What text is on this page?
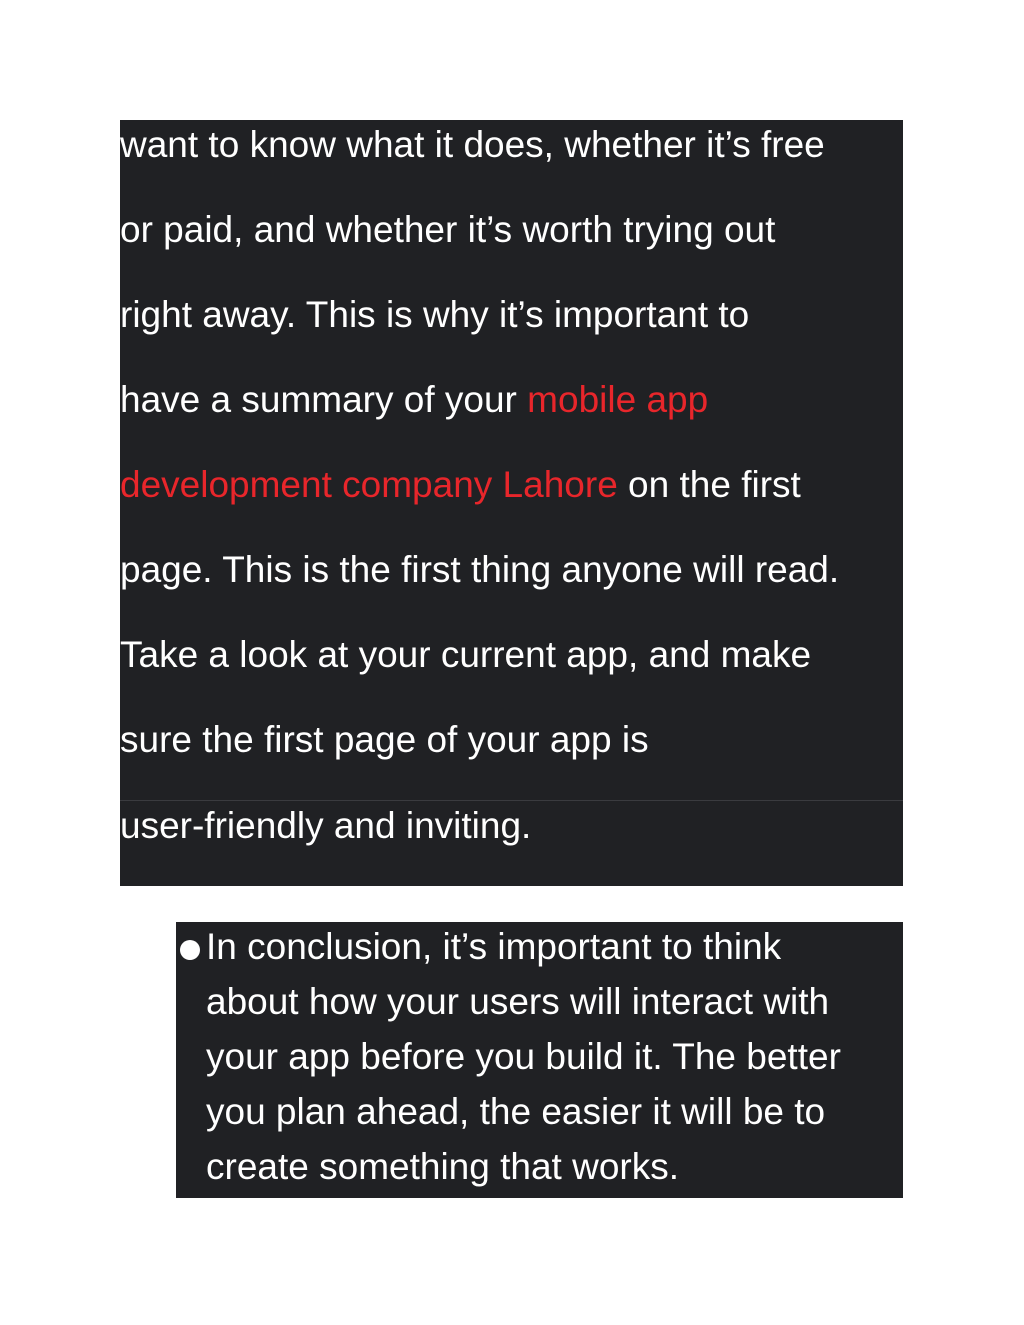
want to know what it does, whether it’s free
or paid, and whether it’s worth trying out
right away. This is why it’s important to
have a summary of your mobile app
development company Lahore on the first
page. This is the first thing anyone will read.
Take a look at your current app, and make
sure the first page of your app is
user-friendly and inviting.
In conclusion, it’s important to think
about how your users will interact with
your app before you build it. The better
you plan ahead, the easier it will be to
create something that works.
